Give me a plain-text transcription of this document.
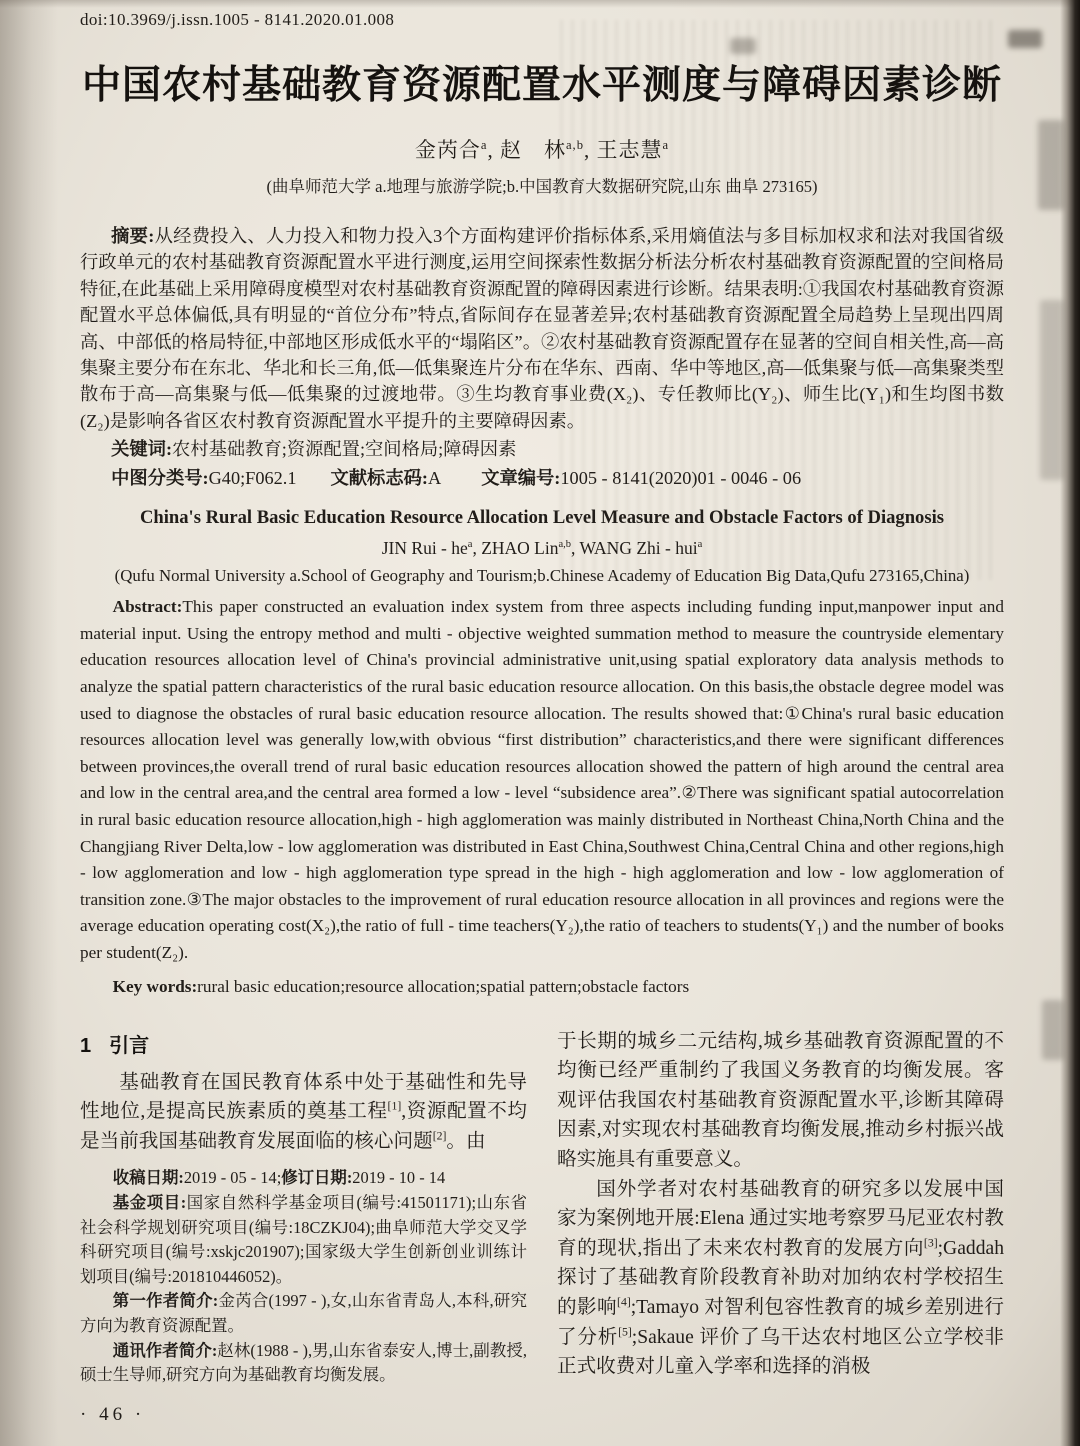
doi:10.3969/j.issn.1005 - 8141.2020.01.008
中国农村基础教育资源配置水平测度与障碍因素诊断
金芮合$^a$, 赵　林$^{a,b}$, 王志慧$^a$
(曲阜师范大学 a.地理与旅游学院;b.中国教育大数据研究院,山东 曲阜 273165)
摘要:从经费投入、人力投入和物力投入3个方面构建评价指标体系,采用熵值法与多目标加权求和法对我国省级行政单元的农村基础教育资源配置水平进行测度,运用空间探索性数据分析法分析农村基础教育资源配置的空间格局特征,在此基础上采用障碍度模型对农村基础教育资源配置的障碍因素进行诊断。结果表明:①我国农村基础教育资源配置水平总体偏低,具有明显的“首位分布”特点,省际间存在显著差异;农村基础教育资源配置全局趋势上呈现出四周高、中部低的格局特征,中部地区形成低水平的“塌陷区”。②农村基础教育资源配置存在显著的空间自相关性,高—高集聚主要分布在东北、华北和长三角,低—低集聚连片分布在华东、西南、华中等地区,高—低集聚与低—高集聚类型散布于高—高集聚与低—低集聚的过渡地带。③生均教育事业费(X₂)、专任教师比(Y₂)、师生比(Y₁)和生均图书数(Z₂)是影响各省区农村教育资源配置水平提升的主要障碍因素。
关键词:农村基础教育;资源配置;空间格局;障碍因素
中图分类号:G40;F062.1 文献标志码:A 文章编号:1005 - 8141(2020)01 - 0046 - 06
China's Rural Basic Education Resource Allocation Level Measure and Obstacle Factors of Diagnosis
JIN Rui - $he^a$, ZHAO Lin$^{a,b}$, WANG Zhi - hui$^a$
(Qufu Normal University a.School of Geography and Tourism;b.Chinese Academy of Education Big Data,Qufu 273165,China)
Abstract:This paper constructed an evaluation index system from three aspects including funding input,manpower input and material input. Using the entropy method and multi - objective weighted summation method to measure the countryside elementary education resources allocation level of China's provincial administrative unit,using spatial exploratory data analysis methods to analyze the spatial pattern characteristics of the rural basic education resource allocation. On this basis,the obstacle degree model was used to diagnose the obstacles of rural basic education resource allocation. The results showed that:①China's rural basic education resources allocation level was generally low,with obvious “first distribution” characteristics,and there were significant differences between provinces,the overall trend of rural basic education resources allocation showed the pattern of high around the central area and low in the central area,and the central area formed a low - level “subsidence area”.②There was significant spatial autocorrelation in rural basic education resource allocation,high - high agglomeration was mainly distributed in Northeast China,North China and the Changjiang River Delta,low - low agglomeration was distributed in East China,Southwest China,Central China and other regions,high - low agglomeration and low - high agglomeration type spread in the high - high agglomeration and low - low agglomeration of transition zone.③The major obstacles to the improvement of rural education resource allocation in all provinces and regions were the average education operating cost(X₂),the ratio of full - time teachers(Y₂),the ratio of teachers to students(Y₁) and the number of books per student(Z₂).
Key words:rural basic education;resource allocation;spatial pattern;obstacle factors
1 引言

基础教育在国民教育体系中处于基础性和先导性地位,是提高民族素质的奠基工程[1],资源配置不均是当前我国基础教育发展面临的核心问题[2]。由

收稿日期:2019 - 05 - 14;修订日期:2019 - 10 - 14

基金项目:国家自然科学基金项目(编号:41501171);山东省社会科学规划研究项目(编号:18CZKJ04);曲阜师范大学交叉学科研究项目(编号:xskjc201907);国家级大学生创新创业训练计划项目(编号:201810446052)。

第一作者简介:金芮合(1997 - ),女,山东省青岛人,本科,研究方向为教育资源配置。

通讯作者简介:赵林(1988 - ),男,山东省泰安人,博士,副教授,硕士生导师,研究方向为基础教育均衡发展。

· 46 ·

于长期的城乡二元结构,城乡基础教育资源配置的不均衡已经严重制约了我国义务教育的均衡发展。客观评估我国农村基础教育资源配置水平,诊断其障碍因素,对实现农村基础教育均衡发展,推动乡村振兴战略实施具有重要意义。

国外学者对农村基础教育的研究多以发展中国家为案例地开展:Elena 通过实地考察罗马尼亚农村教育的现状,指出了未来农村教育的发展方向[3];Gaddah 探讨了基础教育阶段教育补助对加纳农村学校招生的影响[4];Tamayo 对智利包容性教育的城乡差别进行了分析[5];Sakaue 评价了乌干达农村地区公立学校非正式收费对儿童入学率和选择的消极
